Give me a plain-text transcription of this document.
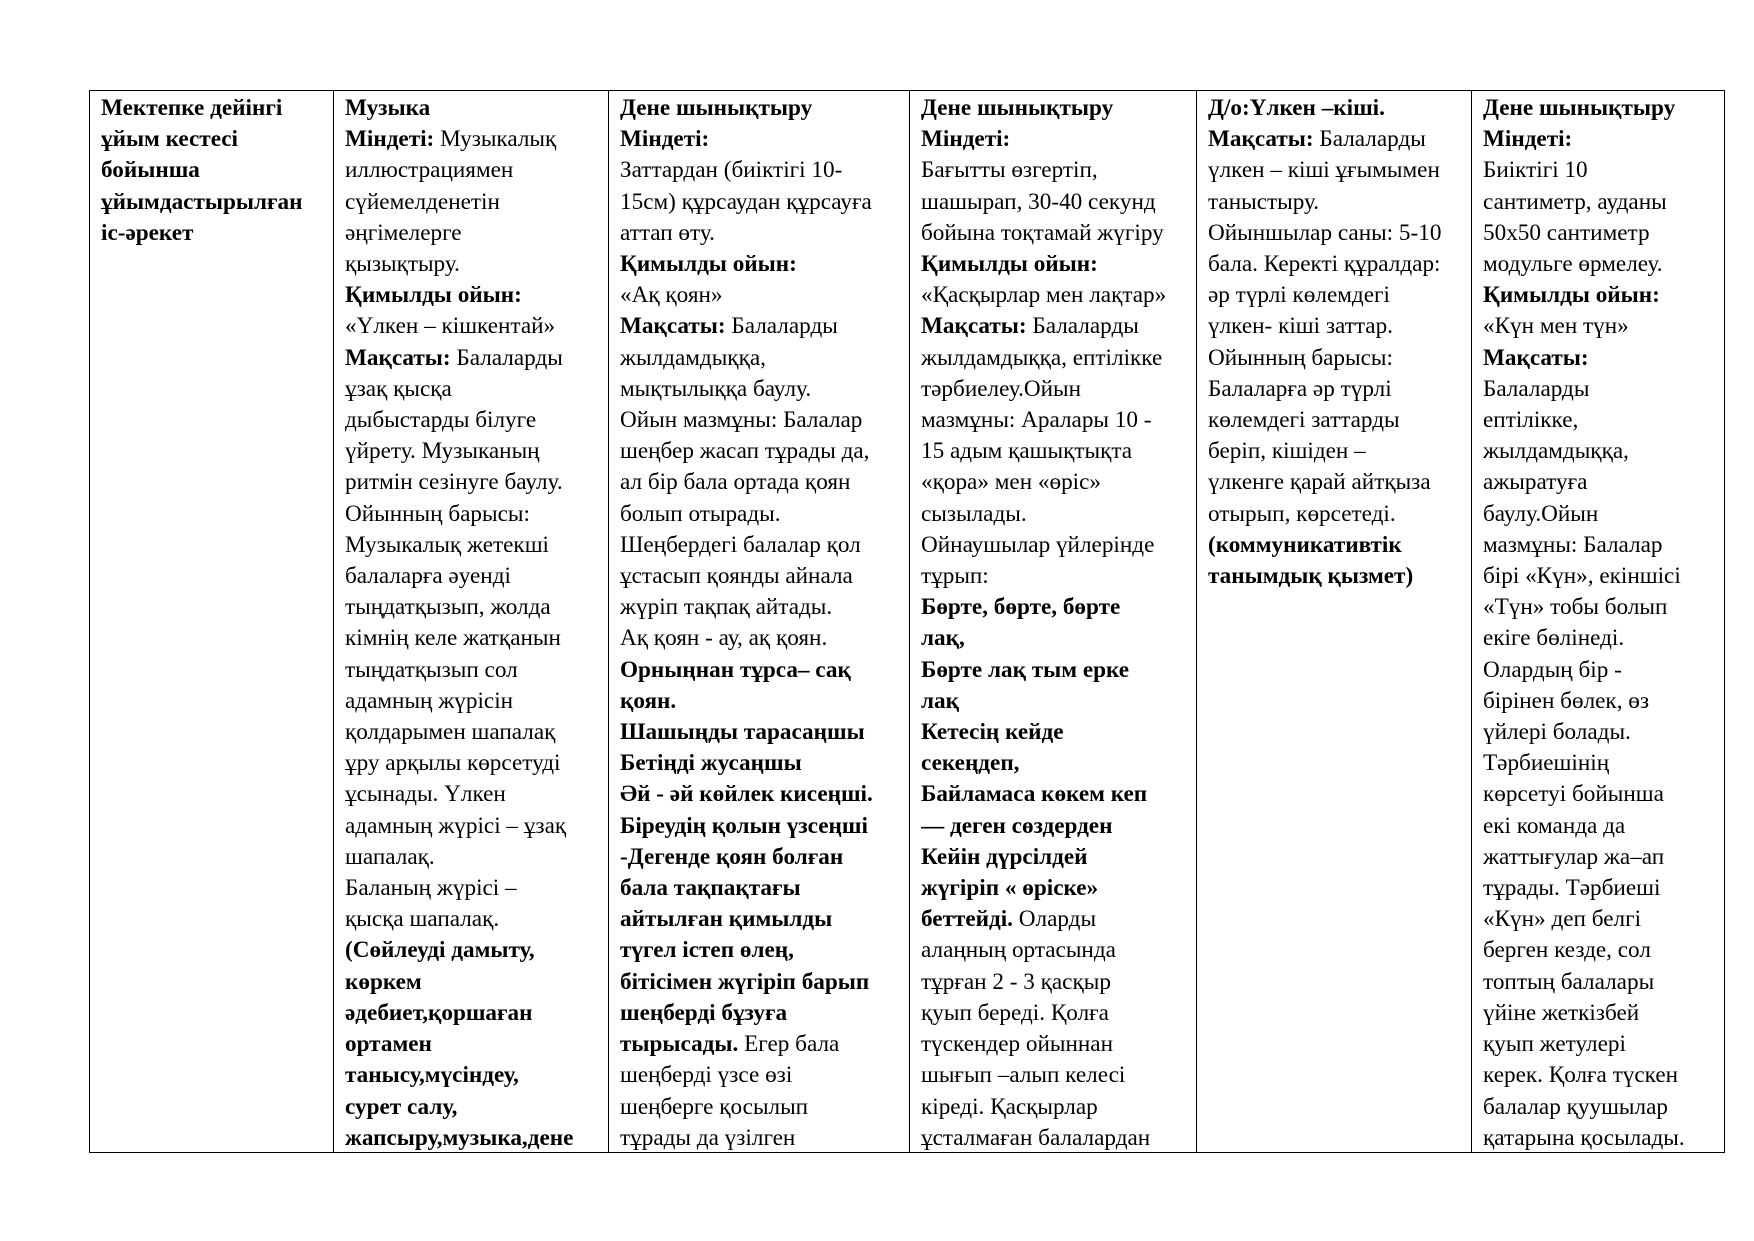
Мектепке дейінгі
ұйым кестесі
бойынша
ұйымдастырылған
іс-әрекет

Музыка
Міндеті: Музыкалық
иллюстрациямен
сүйемелденетін
әңгімелерге
қызықтыру.
Қимылды ойын:
«Үлкен – кішкентай»
Мақсаты: Балаларды
ұзақ қысқа
дыбыстарды білуге
үйрету. Музыканың
ритмін сезінуге баулу.
Ойынның барысы:
Музыкалық жетекші
балаларға әуенді
тыңдатқызып, жолда
кімнің келе жатқанын
тыңдатқызып сол
адамның жүрісін
қолдарымен шапалақ
ұру арқылы көрсетуді
ұсынады. Үлкен
адамның жүрісі – ұзақ
шапалақ.
Баланың жүрісі –
қысқа шапалақ.
(Сөйлеуді дамыту,
көркем
әдебиет,қоршаған
ортамен
танысу,мүсіндеу,
сурет салу,
жапсыру,музыка,дене

Дене шынықтыру
Міндеті:
Заттардан (биіктігі 10-
15см) құрсаудан құрсауға
аттап өту.
Қимылды ойын:
«Ақ қоян»
Мақсаты: Балаларды
жылдамдыққа,
мықтылыққа баулу.
Ойын мазмұны: Балалар
шеңбер жасап тұрады да,
ал бір бала ортада қоян
болып отырады.
Шеңбердегі балалар қол
ұстасып қоянды айнала
жүріп тақпақ айтады.
Ақ қоян - ау, ақ қоян.
Орныңнан тұрса– сақ
қоян.
Шашыңды тарасаңшы
Бетіңді жусаңшы
Әй - әй көйлек кисеңші.
Біреудің қолын үзсеңші
-Дегенде қоян болған
бала тақпақтағы
айтылған қимылды
түгел істеп өлең,
бітісімен жүгіріп барып
шеңберді бұзуға
тырысады. Егер бала
шеңберді үзсе өзі
шеңберге қосылып
тұрады да үзілген

Дене шынықтыру
Міндеті:
Бағытты өзгертіп,
шашырап, 30-40 секунд
бойына тоқтамай жүгіру
Қимылды ойын:
«Қасқырлар мен лақтар»
Мақсаты: Балаларды
жылдамдыққа, ептілікке
тәрбиелеу.Ойын
мазмұны: Аралары 10 -
15 адым қашықтықта
«қора» мен «өріс»
сызылады.
Ойнаушылар үйлерінде
тұрып:
Бөрте, бөрте, бөрте
лақ,
Бөрте лақ тым ерке
лақ
Кетесің кейде
секеңдеп,
Байламаса көкем кеп
— деген сөздерден
Кейін дүрсілдей
жүгіріп « өріске»
беттейді. Оларды
алаңның ортасында
тұрған 2 - 3 қасқыр
қуып береді. Қолға
түскендер ойыннан
шығып –алып келесі
кіреді. Қасқырлар
ұсталмаған балалардан

Д/о:Үлкен –кіші.
Мақсаты: Балаларды
үлкен – кіші ұғымымен
таныстыру.
Ойыншылар саны: 5-10
бала. Керекті құралдар:
әр түрлі көлемдегі
үлкен- кіші заттар.
Ойынның барысы:
Балаларға әр түрлі
көлемдегі заттарды
беріп, кішіден –
үлкенге қарай айтқыза
отырып, көрсетеді.
(коммуникативтік
танымдық қызмет)

Дене шынықтыру
Міндеті:
Биіктігі 10
сантиметр, ауданы
50х50 сантиметр
модульге өрмелеу.
Қимылды ойын:
«Күн мен түн»
Мақсаты:
Балаларды
ептілікке,
жылдамдыққа,
ажыратуға
баулу.Ойын
мазмұны: Балалар
бірі «Күн», екіншісі
«Түн» тобы болып
екіге бөлінеді.
Олардың бір -
бірінен бөлек, өз
үйлері болады.
Тәрбиешінің
көрсетуі бойынша
екі команда да
жаттығулар жа–ап
тұрады. Тәрбиеші
«Күн» деп белгі
берген кезде, сол
топтың балалары
үйіне жеткізбей
қуып жетулері
керек. Қолға түскен
балалар қуушылар
қатарына қосылады.
